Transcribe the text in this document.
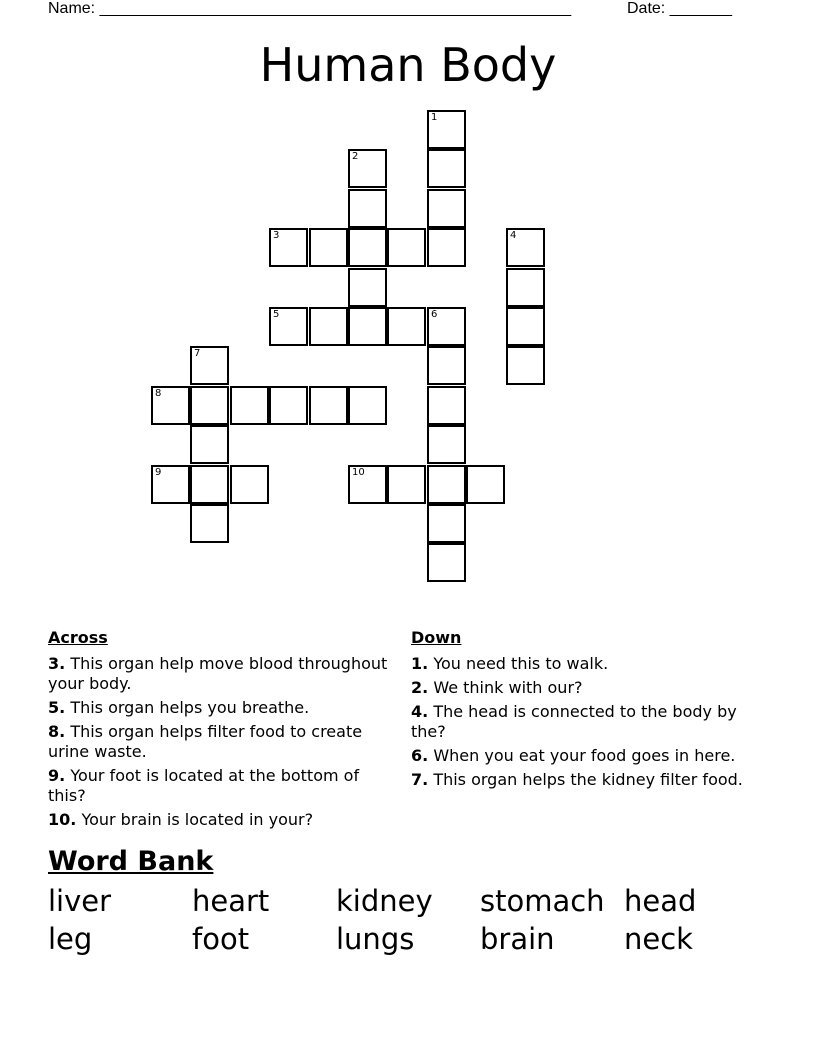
Name: _____________________________________________________	Date: _______
Human Body
1
2
3	4
5	6
7
8
9	10
Across
3. This organ help move blood throughout your body.
5. This organ helps you breathe.
8. This organ helps filter food to create urine waste.
9. Your foot is located at the bottom of this?
10. Your brain is located in your?
Down
1. You need this to walk.
2. We think with our?
4. The head is connected to the body by the?
6. When you eat your food goes in here.
7. This organ helps the kidney filter food.
Word Bank
liver	heart	kidney	stomach head
leg	foot	lungs	brain	neck
